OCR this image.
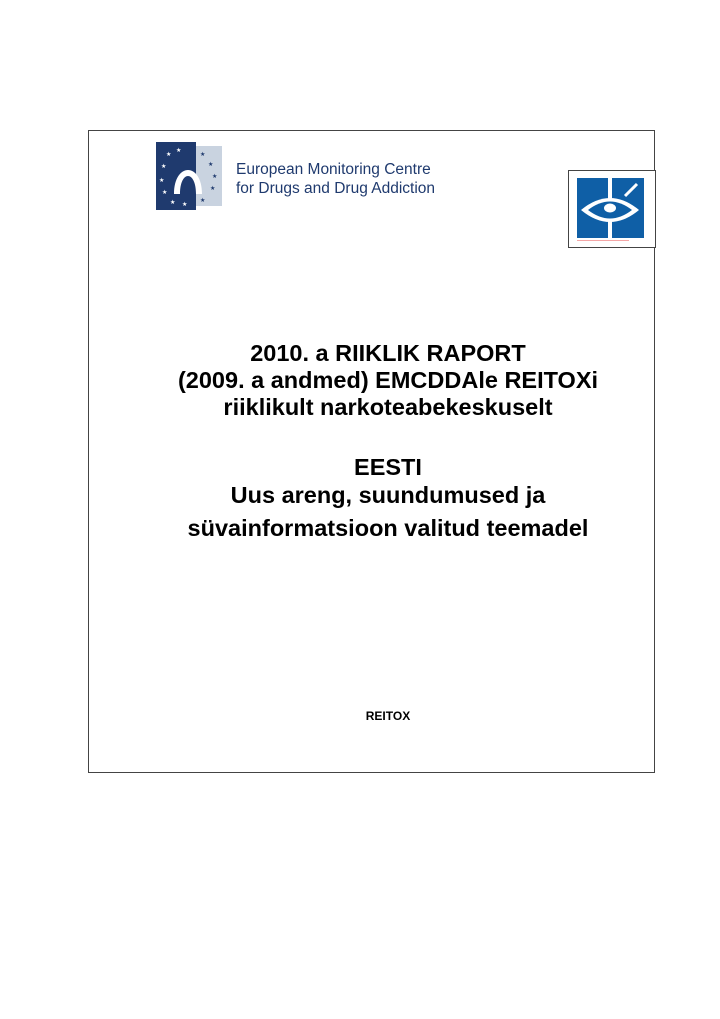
★
★
★
★
★
★ ★
★
★
★
★
★
European Monitoring Centre
for Drugs and Drug Addiction
2010. a RIIKLIK RAPORT
(2009. a andmed) EMCDDAle REITOXi
riiklikult narkoteabekeskuselt
EESTI
Uus areng, suundumused ja
süvainformatsioon valitud teemadel
REITOX
